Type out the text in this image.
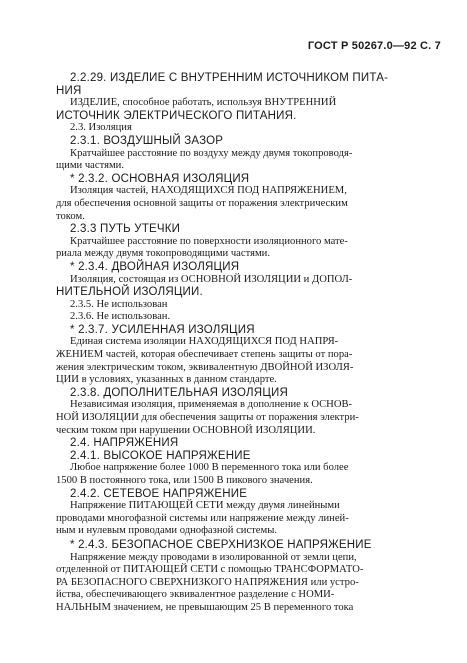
ГОСТ Р 50267.0—92 С. 7
2.2.29. ИЗДЕЛИЕ С ВНУТРЕННИМ ИСТОЧНИКОМ ПИТА-
НИЯ
ИЗДЕЛИЕ, способное работать, используя ВНУТРЕННИЙ
ИСТОЧНИК ЭЛЕКТРИЧЕСКОГО ПИТАНИЯ.
2.3. Изоляция
2.3.1. ВОЗДУШНЫЙ ЗАЗОР
Кратчайшее расстояние по воздуху между двумя токопроводя-
щими частями.
* 2.3.2. ОСНОВНАЯ ИЗОЛЯЦИЯ
Изоляция частей, НАХОДЯЩИХСЯ ПОД НАПРЯЖЕНИЕМ,
для обеспечения основной защиты от поражения электрическим
током.
2.3.3 ПУТЬ УТЕЧКИ
Кратчайшее расстояние по поверхности изоляционного мате-
риала между двумя токопроводящими частями.
* 2.3.4. ДВОЙНАЯ ИЗОЛЯЦИЯ
Изоляция, состоящая из ОСНОВНОЙ ИЗОЛЯЦИИ и ДОПОЛ-
НИТЕЛЬНОЙ ИЗОЛЯЦИИ.
2.3.5. Не использован
2.3.6. Не использован.
* 2.3.7. УСИЛЕННАЯ ИЗОЛЯЦИЯ
Единая система изоляции НАХОДЯЩИХСЯ ПОД НАПРЯ-
ЖЕНИЕМ частей, которая обеспечивает степень защиты от пора-
жения электрическим током, эквивалентную ДВОЙНОЙ ИЗОЛЯ-
ЦИИ в условиях, указанных в данном стандарте.
2.3.8. ДОПОЛНИТЕЛЬНАЯ ИЗОЛЯЦИЯ
Независимая изоляция, применяемая в дополнение к ОСНОВ-
НОЙ ИЗОЛЯЦИИ для обеспечения защиты от поражения электри-
ческим током при нарушении ОСНОВНОЙ ИЗОЛЯЦИИ.
2.4. НАПРЯЖЕНИЯ
2.4.1. ВЫСОКОЕ НАПРЯЖЕНИЕ
Любое напряжение более 1000 В переменного тока или более
1500 В постоянного тока, или 1500 В пикового значения.
2.4.2. СЕТЕВОЕ НАПРЯЖЕНИЕ
Напряжение ПИТАЮЩЕЙ СЕТИ между двумя линейными
проводами многофазной системы или напряжение между линей-
ным и нулевым проводами однофазной системы.
* 2.4.3. БЕЗОПАСНОЕ СВЕРХНИЗКОЕ НАПРЯЖЕНИЕ
Напряжение между проводами в изолированной от земли цепи,
отделенной от ПИТАЮЩЕЙ СЕТИ с помощью ТРАНСФОРМАТО-
РА БЕЗОПАСНОГО СВЕРХНИЗКОГО НАПРЯЖЕНИЯ или устро-
йства, обеспечивающего эквивалентное разделение с НОМИ-
НАЛЬНЫМ значением, не превышающим 25 В переменного тока
